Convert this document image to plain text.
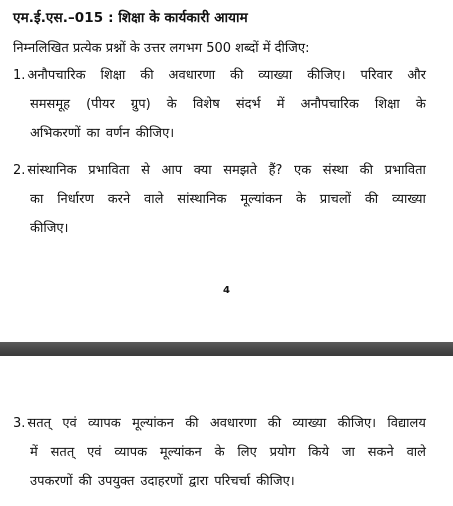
एम.ई.एस.–015 : शिक्षा के कार्यकारी आयाम
निम्नलिखित प्रत्येक प्रश्नों के उत्तर लगभग 500 शब्दों में दीजिए:
1.अनौपचारिक शिक्षा की अवधारणा की व्याख्या कीजिए। परिवार और
समसमूह (पीयर ग्रुप) के विशेष संदर्भ में अनौपचारिक शिक्षा के
अभिकरणों का वर्णन कीजिए।
2.सांस्थानिक प्रभाविता से आप क्या समझते हैं? एक संस्था की प्रभाविता
का निर्धारण करने वाले सांस्थानिक मूल्यांकन के प्राचलों की व्याख्या
कीजिए।
4
3.सतत् एवं व्यापक मूल्यांकन की अवधारणा की व्याख्या कीजिए। विद्यालय
में सतत् एवं व्यापक मूल्यांकन के लिए प्रयोग किये जा सकने वाले
उपकरणों की उपयुक्त उदाहरणों द्वारा परिचर्चा कीजिए।
